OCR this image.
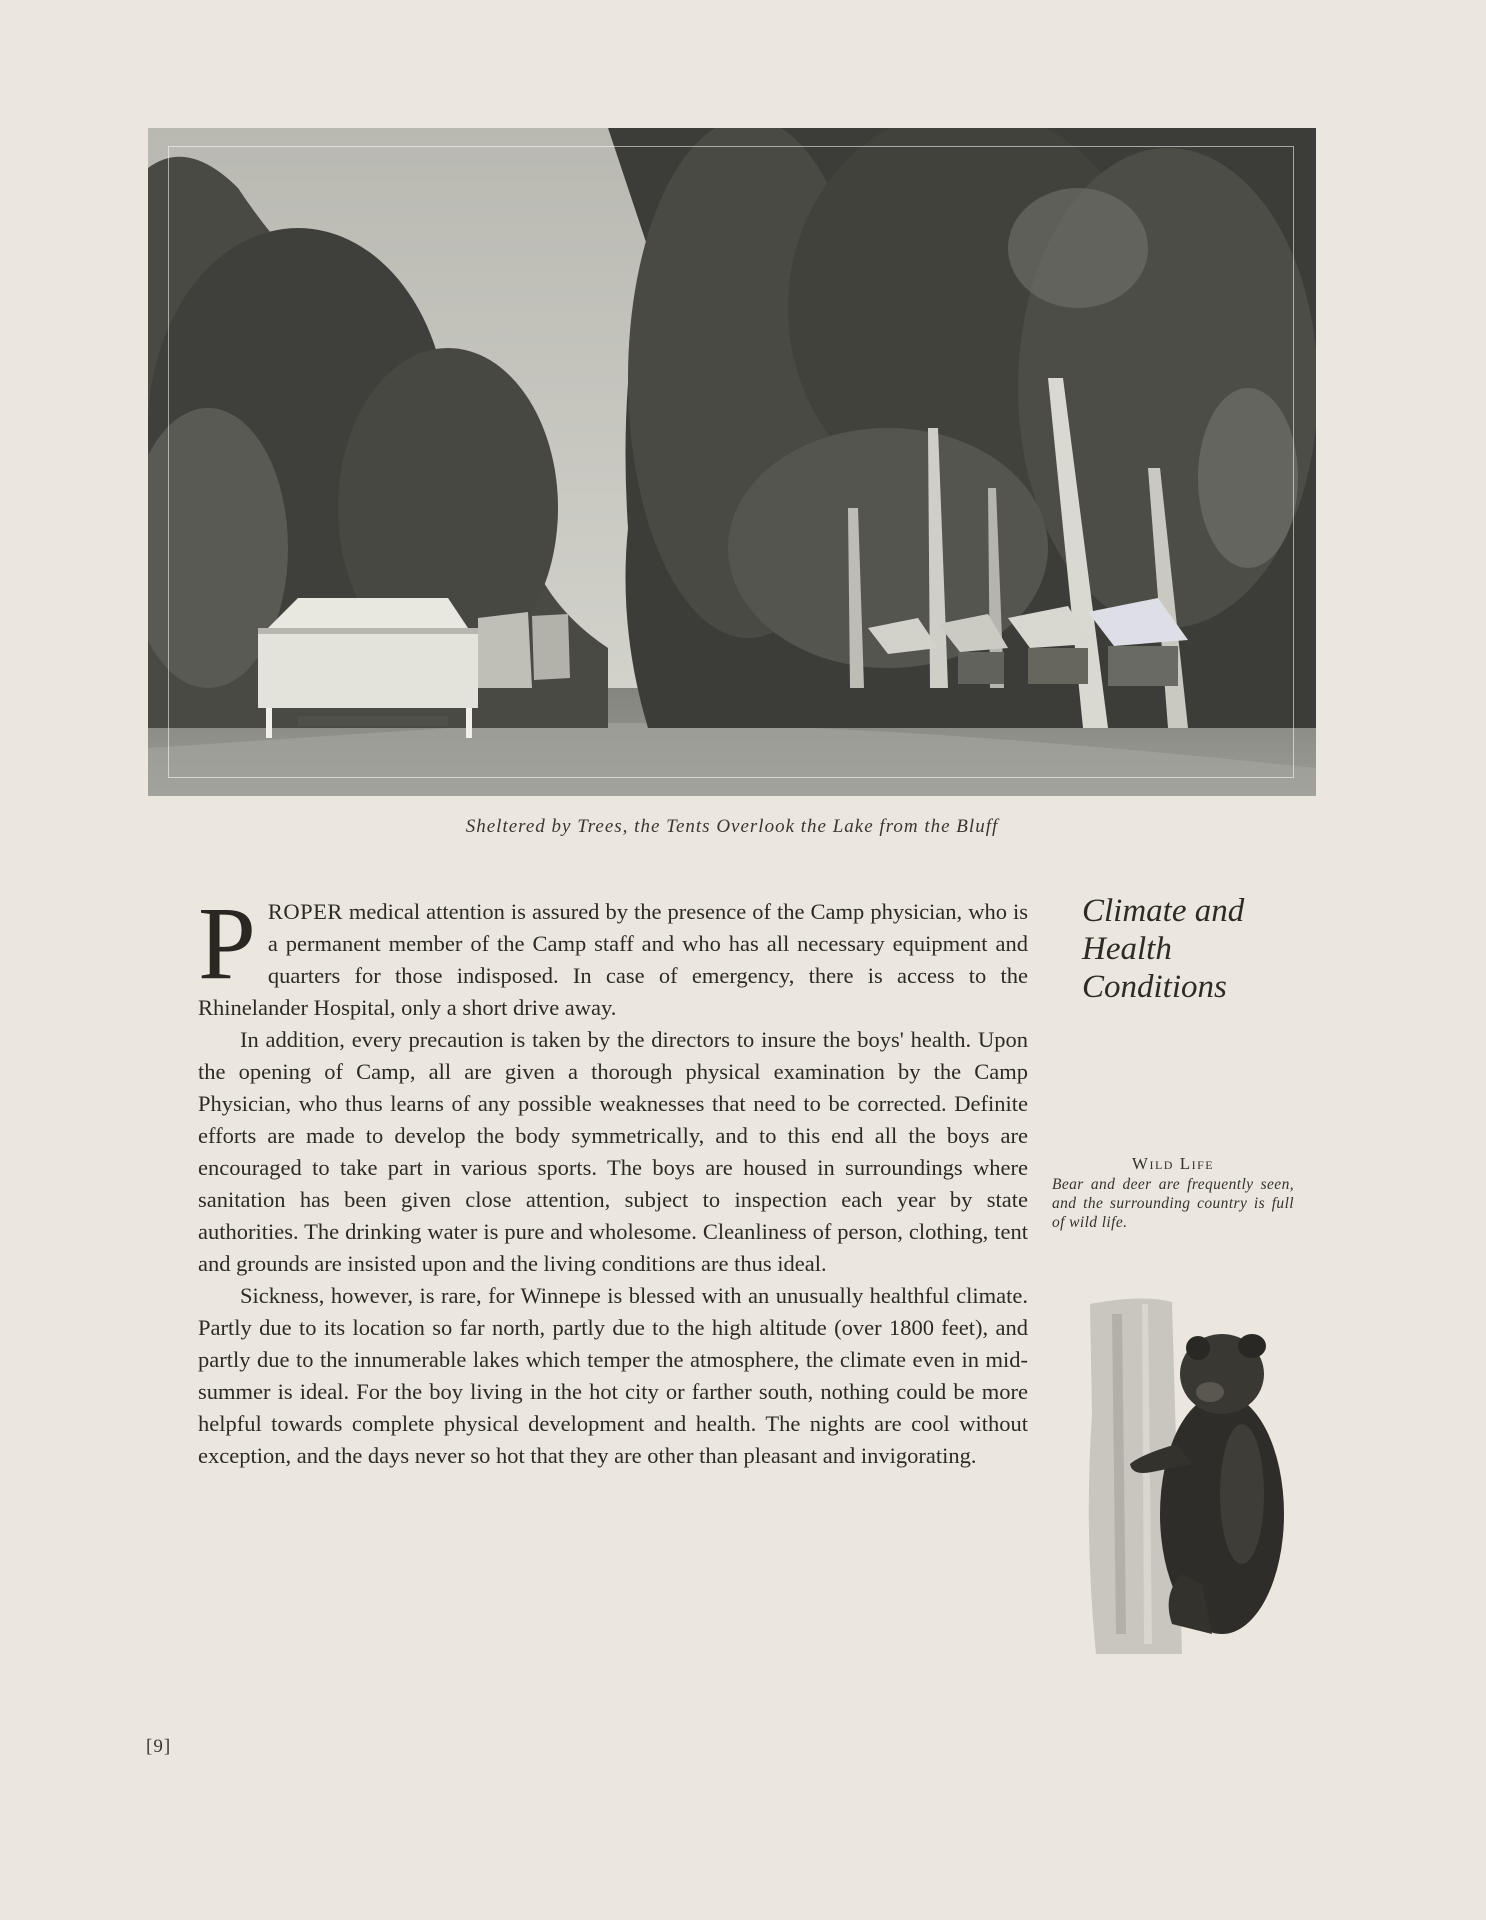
Sheltered by Trees, the Tents Overlook the Lake from the Bluff

PROPER medical attention is assured by the presence of the Camp physician, who is a permanent member of the Camp staff and who has all necessary equipment and quarters for those indisposed. In case of emergency, there is access to the Rhinelander Hospital, only a short drive away.

In addition, every precaution is taken by the directors to insure the boys' health. Upon the opening of Camp, all are given a thorough physical examination by the Camp Physician, who thus learns of any possible weaknesses that need to be corrected. Definite efforts are made to develop the body symmetrically, and to this end all the boys are encouraged to take part in various sports. The boys are housed in surroundings where sanitation has been given close attention, subject to inspection each year by state authorities. The drinking water is pure and wholesome. Cleanliness of person, clothing, tent and grounds are insisted upon and the living conditions are thus ideal.

Sickness, however, is rare, for Winnepe is blessed with an unusually healthful climate. Partly due to its location so far north, partly due to the high altitude (over 1800 feet), and partly due to the innumerable lakes which temper the atmosphere, the climate even in mid-summer is ideal. For the boy living in the hot city or farther south, nothing could be more helpful towards complete physical development and health. The nights are cool without exception, and the days never so hot that they are other than pleasant and invigorating.

Climate and
Health
Conditions
Wild Life
Bear and deer are frequently seen, and the surrounding country is full of wild life.
[9]
